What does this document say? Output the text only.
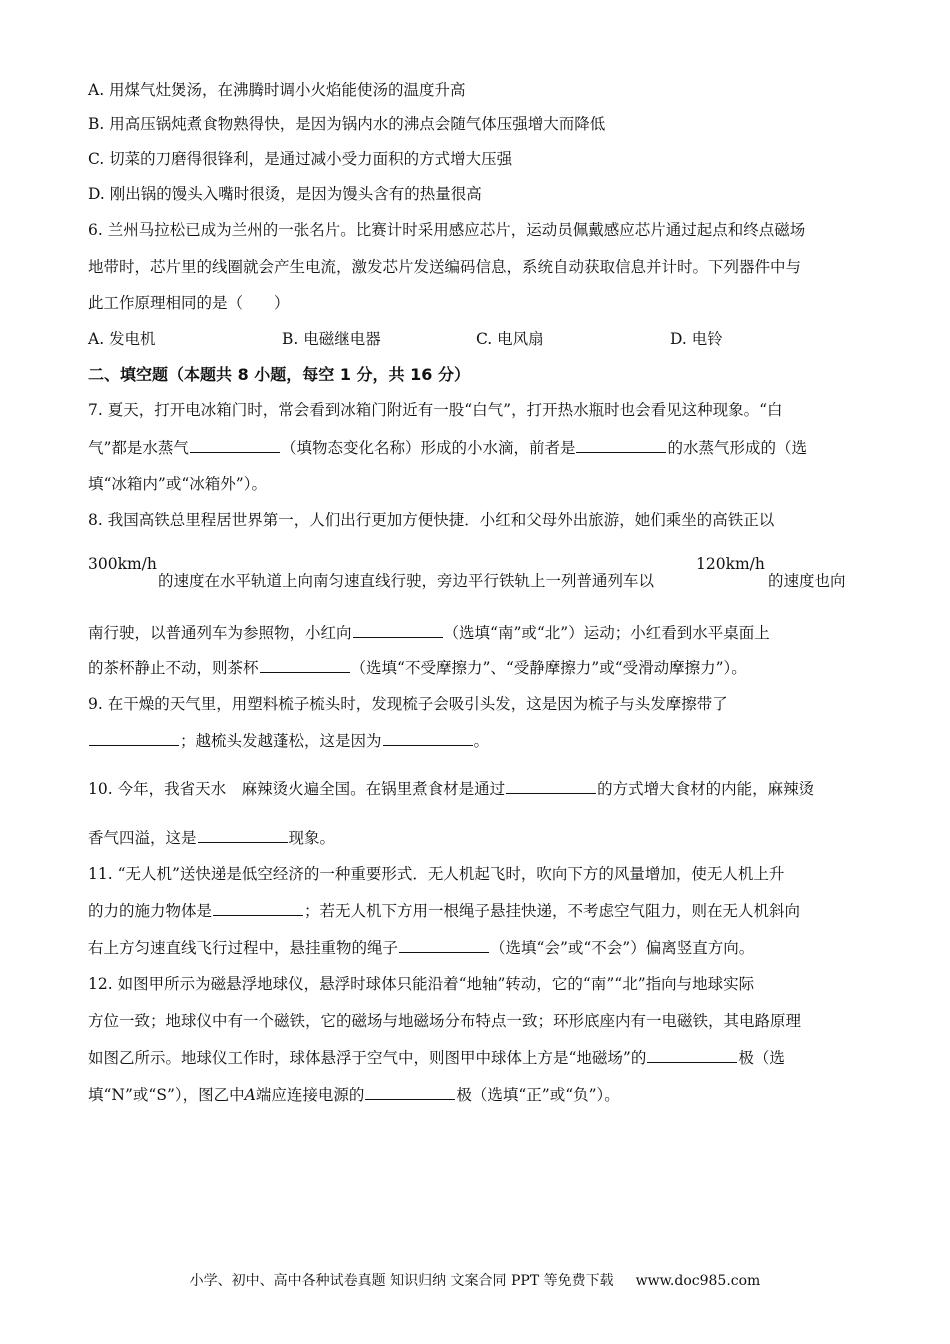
A. 用煤气灶煲汤，在沸腾时调小火焰能使汤的温度升高
B. 用高压锅炖煮食物熟得快，是因为锅内水的沸点会随气体压强增大而降低
C. 切菜的刀磨得很锋利，是通过减小受力面积的方式增大压强
D. 刚出锅的馒头入嘴时很烫，是因为馒头含有的热量很高
6. 兰州马拉松已成为兰州的一张名片。比赛计时采用感应芯片，运动员佩戴感应芯片通过起点和终点磁场
地带时，芯片里的线圈就会产生电流，激发芯片发送编码信息，系统自动获取信息并计时。下列器件中与
此工作原理相同的是（　　）
A. 发电机	B. 电磁继电器	C. 电风扇	D. 电铃
二、填空题（本题共 8 小题，每空 1 分，共 16 分）
7. 夏天，打开电冰箱门时，常会看到冰箱门附近有一股“白气”，打开热水瓶时也会看见这种现象。“白
气”都是水蒸气	（填物态变化名称）形成的小水滴，前者是	的水蒸气形成的（选
填“冰箱内”或“冰箱外”）。
8. 我国高铁总里程居世界第一，人们出行更加方便快捷．小红和父母外出旅游，她们乘坐的高铁正以
300km/h
的速度在水平轨道上向南匀速直线行驶，旁边平行铁轨上一列普通列车以
120km/h
的速度也向
南行驶，以普通列车为参照物，小红向	（选填“南”或“北”）运动；小红看到水平桌面上
的茶杯静止不动，则茶杯	（选填“不受摩擦力”、“受静摩擦力”或“受滑动摩擦力”）。
9. 在干燥的天气里，用塑料梳子梳头时，发现梳子会吸引头发，这是因为梳子与头发摩擦带了
；越梳头发越蓬松，这是因为	。
10. 今年，我省天水　麻辣烫火遍全国。在锅里煮食材是通过	的方式增大食材的内能，麻辣烫
香气四溢，这是	现象。
11. “无人机”送快递是低空经济的一种重要形式．无人机起飞时，吹向下方的风量增加，使无人机上升
的力的施力物体是	；若无人机下方用一根绳子悬挂快递，不考虑空气阻力，则在无人机斜向
右上方匀速直线飞行过程中，悬挂重物的绳子	（选填“会”或“不会”）偏离竖直方向。
12. 如图甲所示为磁悬浮地球仪，悬浮时球体只能沿着“地轴”转动，它的“南”“北”指向与地球实际
方位一致；地球仪中有一个磁铁，它的磁场与地磁场分布特点一致；环形底座内有一电磁铁，其电路原理
如图乙所示。地球仪工作时，球体悬浮于空气中，则图甲中球体上方是“地磁场”的	极（选
填“N”或“S”），图乙中A端应连接电源的	极（选填“正”或“负”）。
小学、初中、高中各种试卷真题 知识归纳 文案合同 PPT 等免费下载 www.doc985.com
